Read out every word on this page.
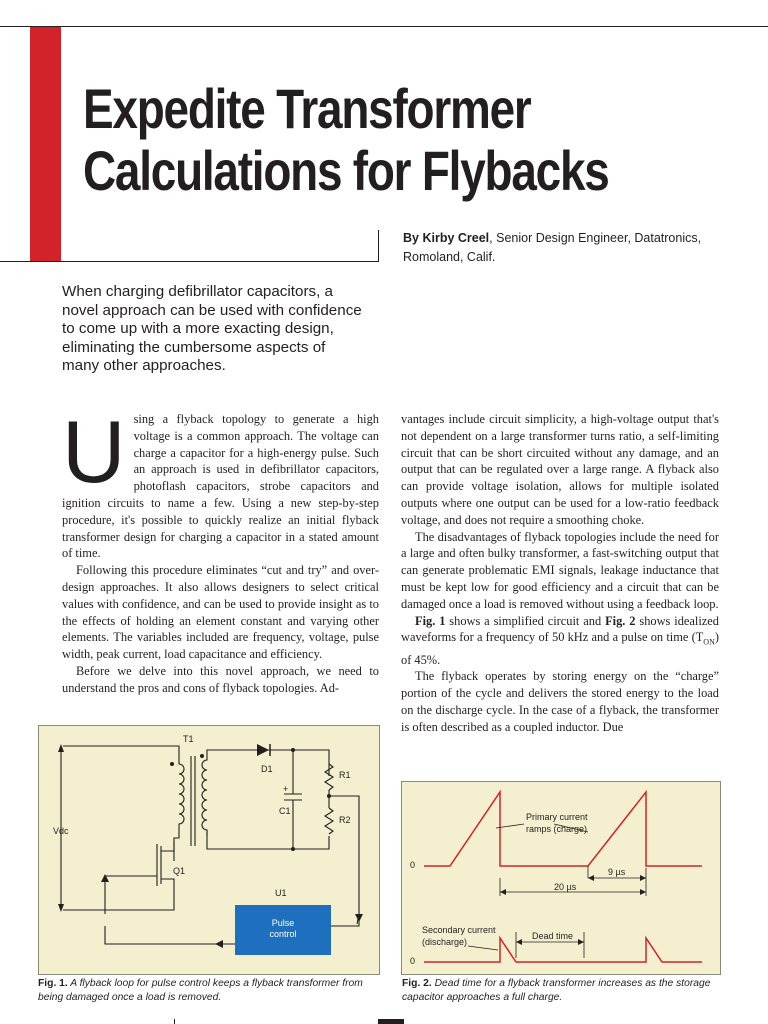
Expedite Transformer
Calculations for Flybacks
By Kirby Creel, Senior Design Engineer, Datatronics, Romoland, Calif.
When charging defibrillator capacitors, a novel approach can be used with confidence to come up with a more exacting design, eliminating the cumbersome aspects of many other approaches.

Using a flyback topology to generate a high voltage is a common approach. The voltage can charge a capacitor for a high-energy pulse. Such an approach is used in defibrillator capacitors, photoflash capacitors, strobe capacitors and ignition circuits to name a few. Using a new step-by-step procedure, it's possible to quickly realize an initial flyback transformer design for charging a capacitor in a stated amount of time.

Following this procedure eliminates “cut and try” and over-design approaches. It also allows designers to select critical values with confidence, and can be used to provide insight as to the effects of holding an element constant and varying other elements. The variables included are frequency, voltage, pulse width, peak current, load capacitance and efficiency.

Before we delve into this novel approach, we need to understand the pros and cons of flyback topologies. Ad-

vantages include circuit simplicity, a high-voltage output that's not dependent on a large transformer turns ratio, a self-limiting circuit that can be short circuited without any damage, and an output that can be regulated over a large range. A flyback also can provide voltage isolation, allows for multiple isolated outputs where one output can be used for a low-ratio feedback voltage, and does not require a smoothing choke.

The disadvantages of flyback topologies include the need for a large and often bulky transformer, a fast-switching output that can generate problematic EMI signals, leakage inductance that must be kept low for good efficiency and a circuit that can be damaged once a load is removed without using a feedback loop.

Fig. 1 shows a simplified circuit and Fig. 2 shows idealized waveforms for a frequency of 50 kHz and a pulse on time $(T_{ON})$ of 45%.

The flyback operates by storing energy on the “charge” portion of the cycle and delivers the stored energy to the load on the discharge cycle. In the case of a flyback, the transformer is often described as a coupled inductor. Due

T1
D1
R1
R2
C1
+
Vdc
Q1
U1
Pulse
control
Fig. 1. A flyback loop for pulse control keeps a flyback transformer from being damaged once a load is removed.
0
0
Primary current
ramps (charge)
9 µs
20 µs
Secondary current
(discharge)
Dead time
Fig. 2. Dead time for a flyback transformer increases as the storage capacitor approaches a full charge.
